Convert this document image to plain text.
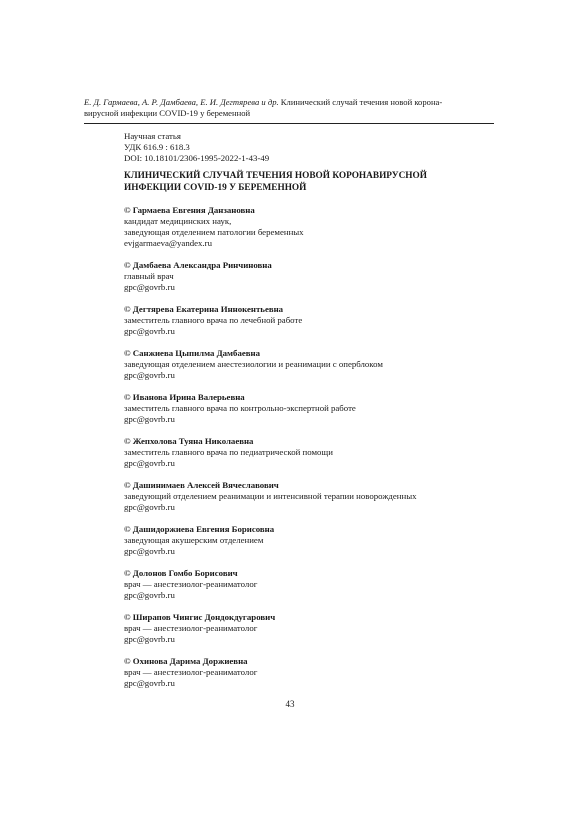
Е. Д. Гармаева, А. Р. Дамбаева, Е. И. Дегтярева и др. Клинический случай течения новой корона-
вирусной инфекции COVID-19 у беременной
Научная статья
УДК 616.9 : 618.3
DOI: 10.18101/2306-1995-2022-1-43-49
КЛИНИЧЕСКИЙ СЛУЧАЙ ТЕЧЕНИЯ НОВОЙ КОРОНАВИРУСНОЙ
ИНФЕКЦИИ COVID-19 У БЕРЕМЕННОЙ
© Гармаева Евгения Данзановна
кандидат медицинских наук,
заведующая отделением патологии беременных
evjgarmaeva@yandex.ru
© Дамбаева Александра Ринчиновна
главный врач
gpc@govrb.ru
© Дегтярева Екатерина Иннокентьевна
заместитель главного врача по лечебной работе
gpc@govrb.ru
© Санжиева Цыпилма Дамбаевна
заведующая отделением анестезиологии и реанимации с оперблоком
gpc@govrb.ru
© Иванова Ирина Валерьевна
заместитель главного врача по контрольно-экспертной работе
gpc@govrb.ru
© Жепхолова Туяна Николаевна
заместитель главного врача по педиатрической помощи
gpc@govrb.ru
© Дашинимаев Алексей Вячеславович
заведующий отделением реанимации и интенсивной терапии новорожденных
gpc@govrb.ru
© Дашидоржиева Евгения Борисовна
заведующая акушерским отделением
gpc@govrb.ru
© Долонов Гомбо Борисович
врач — анестезиолог-реаниматолог
gpc@govrb.ru
© Ширапов Чингис Дондокдугарович
врач — анестезиолог-реаниматолог
gpc@govrb.ru
© Охинова Дарима Доржиевна
врач — анестезиолог-реаниматолог
gpc@govrb.ru
43
